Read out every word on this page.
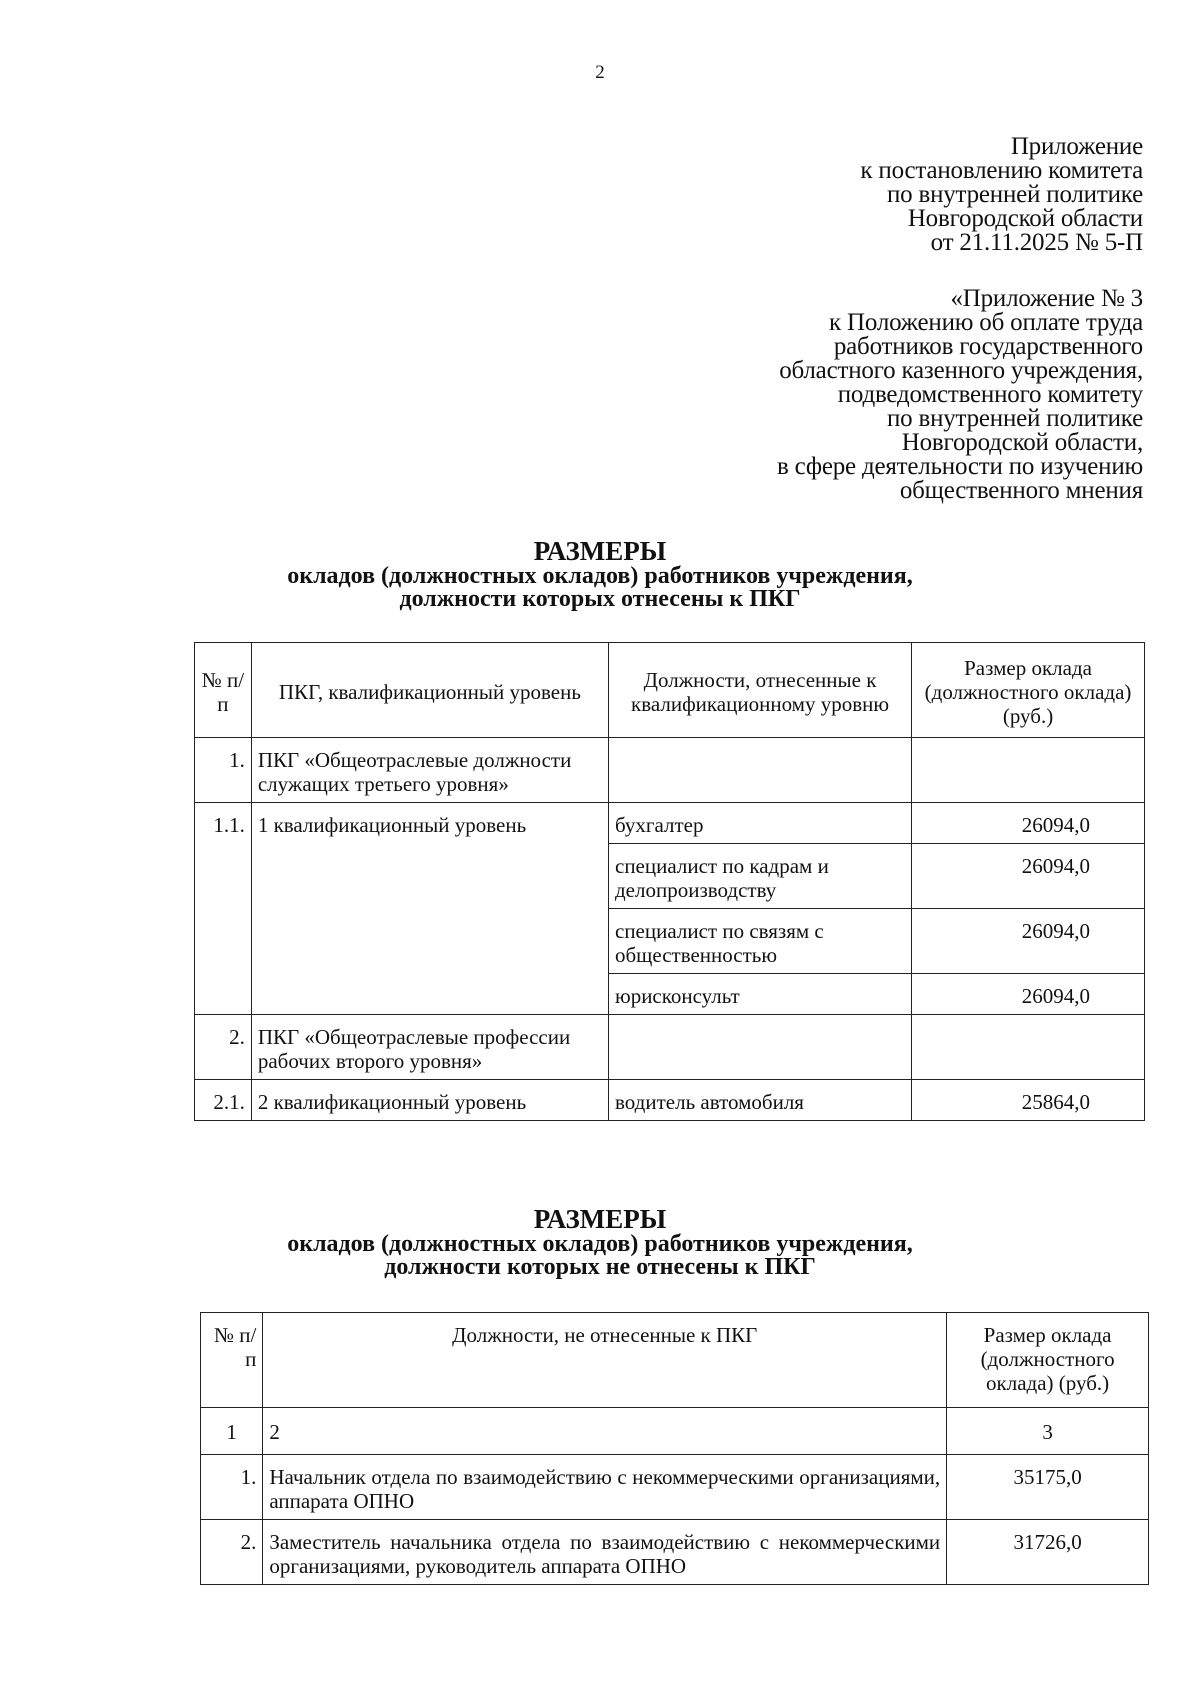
2
Приложение
к постановлению комитета
по внутренней политике
Новгородской области
от 21.11.2025 № 5-П
«Приложение № 3
к Положению об оплате труда
работников государственного
областного казенного учреждения,
подведомственного комитету
по внутренней политике
Новгородской области,
в сфере деятельности по изучению
общественного мнения
РАЗМЕРЫ
окладов (должностных окладов) работников учреждения,
должности которых отнесены к ПКГ
№ п/п	ПКГ, квалификационный уровень	Должности, отнесенные к квалификационному уровню	Размер оклада (должностного оклада) (руб.)
1.	ПКГ «Общеотраслевые должности служащих третьего уровня»		
1.1.	1 квалификационный уровень	бухгалтер	26094,0
		специалист по кадрам и делопроизводству	26094,0
		специалист по связям с общественностью	26094,0
		юрисконсульт	26094,0
2.	ПКГ «Общеотраслевые профессии рабочих второго уровня»		
2.1.	2 квалификационный уровень	водитель автомобиля	25864,0
РАЗМЕРЫ
окладов (должностных окладов) работников учреждения,
должности которых не отнесены к ПКГ
№ п/п	Должности, не отнесенные к ПКГ	Размер оклада (должностного оклада) (руб.)
1	2	3
1.	Начальник отдела по взаимодействию с некоммерческими организациями, аппарата ОПНО	35175,0
2.	Заместитель начальника отдела по взаимодействию с некоммерческими организациями, руководитель аппарата ОПНО	31726,0
